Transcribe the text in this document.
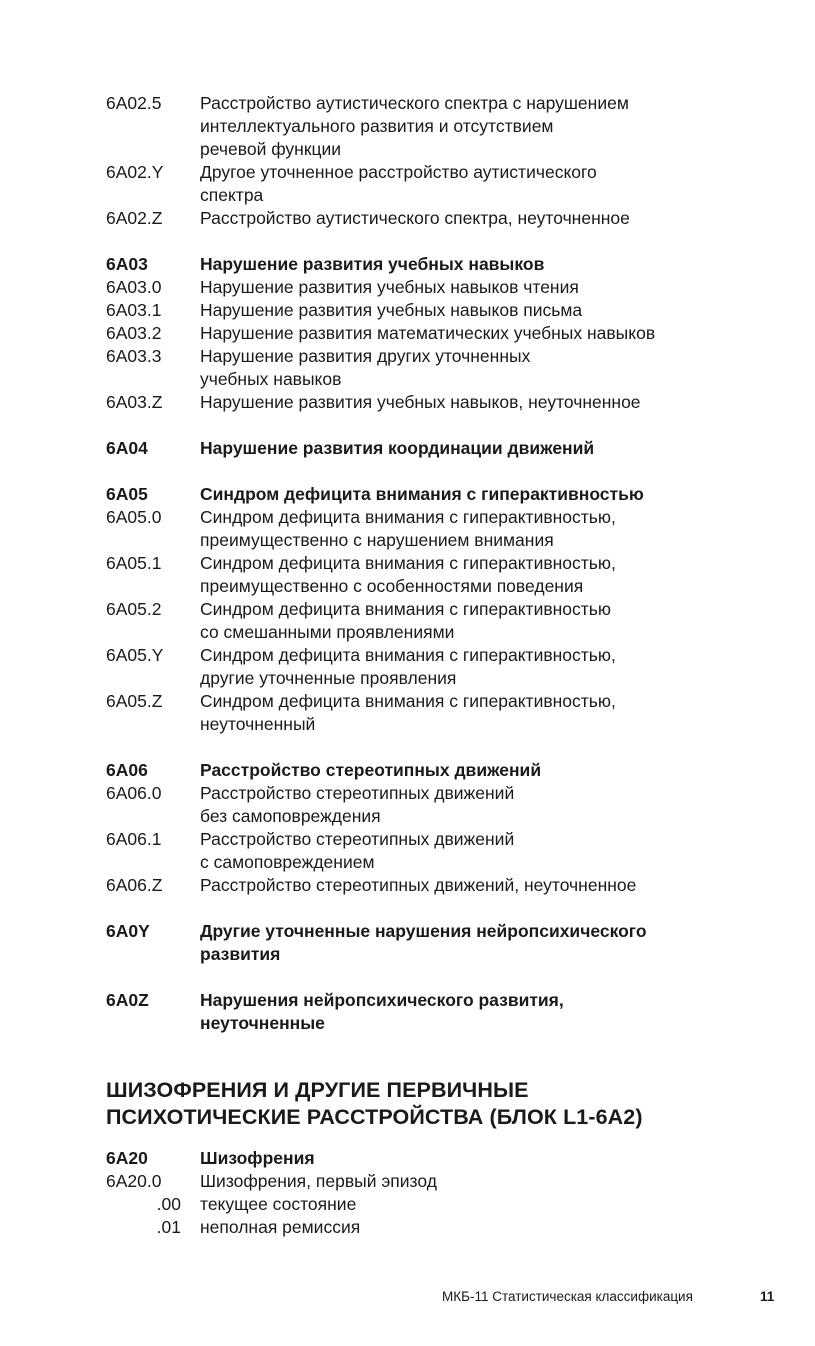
6A02.5	Расстройство аутистического спектра с нарушением
интеллектуального развития и отсутствием
речевой функции
6A02.Y	Другое уточненное расстройство аутистического
спектра
6A02.Z	Расстройство аутистического спектра, неуточненное
6A03	Нарушение развития учебных навыков
6A03.0	Нарушение развития учебных навыков чтения
6A03.1	Нарушение развития учебных навыков письма
6A03.2	Нарушение развития математических учебных навыков
6A03.3	Нарушение развития других уточненных
учебных навыков
6A03.Z	Нарушение развития учебных навыков, неуточненное
6A04	Нарушение развития координации движений
6A05	Синдром дефицита внимания с гиперактивностью
6A05.0	Синдром дефицита внимания с гиперактивностью,
преимущественно с нарушением внимания
6A05.1	Синдром дефицита внимания с гиперактивностью,
преимущественно с особенностями поведения
6A05.2	Синдром дефицита внимания с гиперактивностью
со смешанными проявлениями
6A05.Y	Синдром дефицита внимания с гиперактивностью,
другие уточненные проявления
6A05.Z	Синдром дефицита внимания с гиперактивностью,
неуточненный
6A06	Расстройство стереотипных движений
6A06.0	Расстройство стереотипных движений
без самоповреждения
6A06.1	Расстройство стереотипных движений
с самоповреждением
6A06.Z	Расстройство стереотипных движений, неуточненное
6A0Y	Другие уточненные нарушения нейропсихического
развития
6A0Z	Нарушения нейропсихического развития,
неуточненные
ШИЗОФРЕНИЯ И ДРУГИЕ ПЕРВИЧНЫЕ
ПСИХОТИЧЕСКИЕ РАССТРОЙСТВА (БЛОК L1-6A2)
6A20	Шизофрения
6A20.0	Шизофрения, первый эпизод
.00	текущее состояние
.01	неполная ремиссия
МКБ-11 Статистическая классификация	11
